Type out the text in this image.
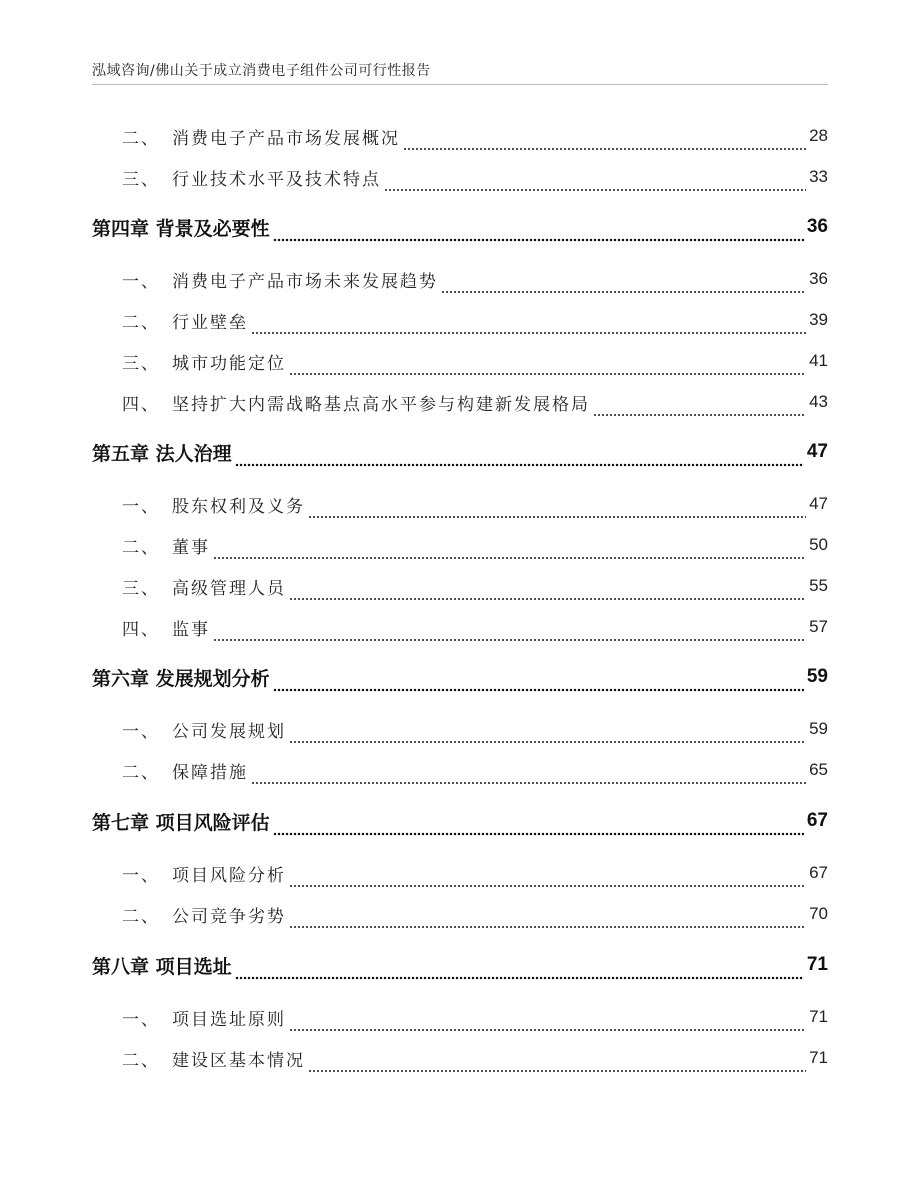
泓域咨询/佛山关于成立消费电子组件公司可行性报告
二、 消费电子产品市场发展概况	28
三、 行业技术水平及技术特点	33
第四章 背景及必要性	36
一、 消费电子产品市场未来发展趋势	36
二、 行业壁垒	39
三、 城市功能定位	41
四、 坚持扩大内需战略基点高水平参与构建新发展格局	43
第五章 法人治理	47
一、 股东权利及义务	47
二、 董事	50
三、 高级管理人员	55
四、 监事	57
第六章 发展规划分析	59
一、 公司发展规划	59
二、 保障措施	65
第七章 项目风险评估	67
一、 项目风险分析	67
二、 公司竞争劣势	70
第八章 项目选址	71
一、 项目选址原则	71
二、 建设区基本情况	71
